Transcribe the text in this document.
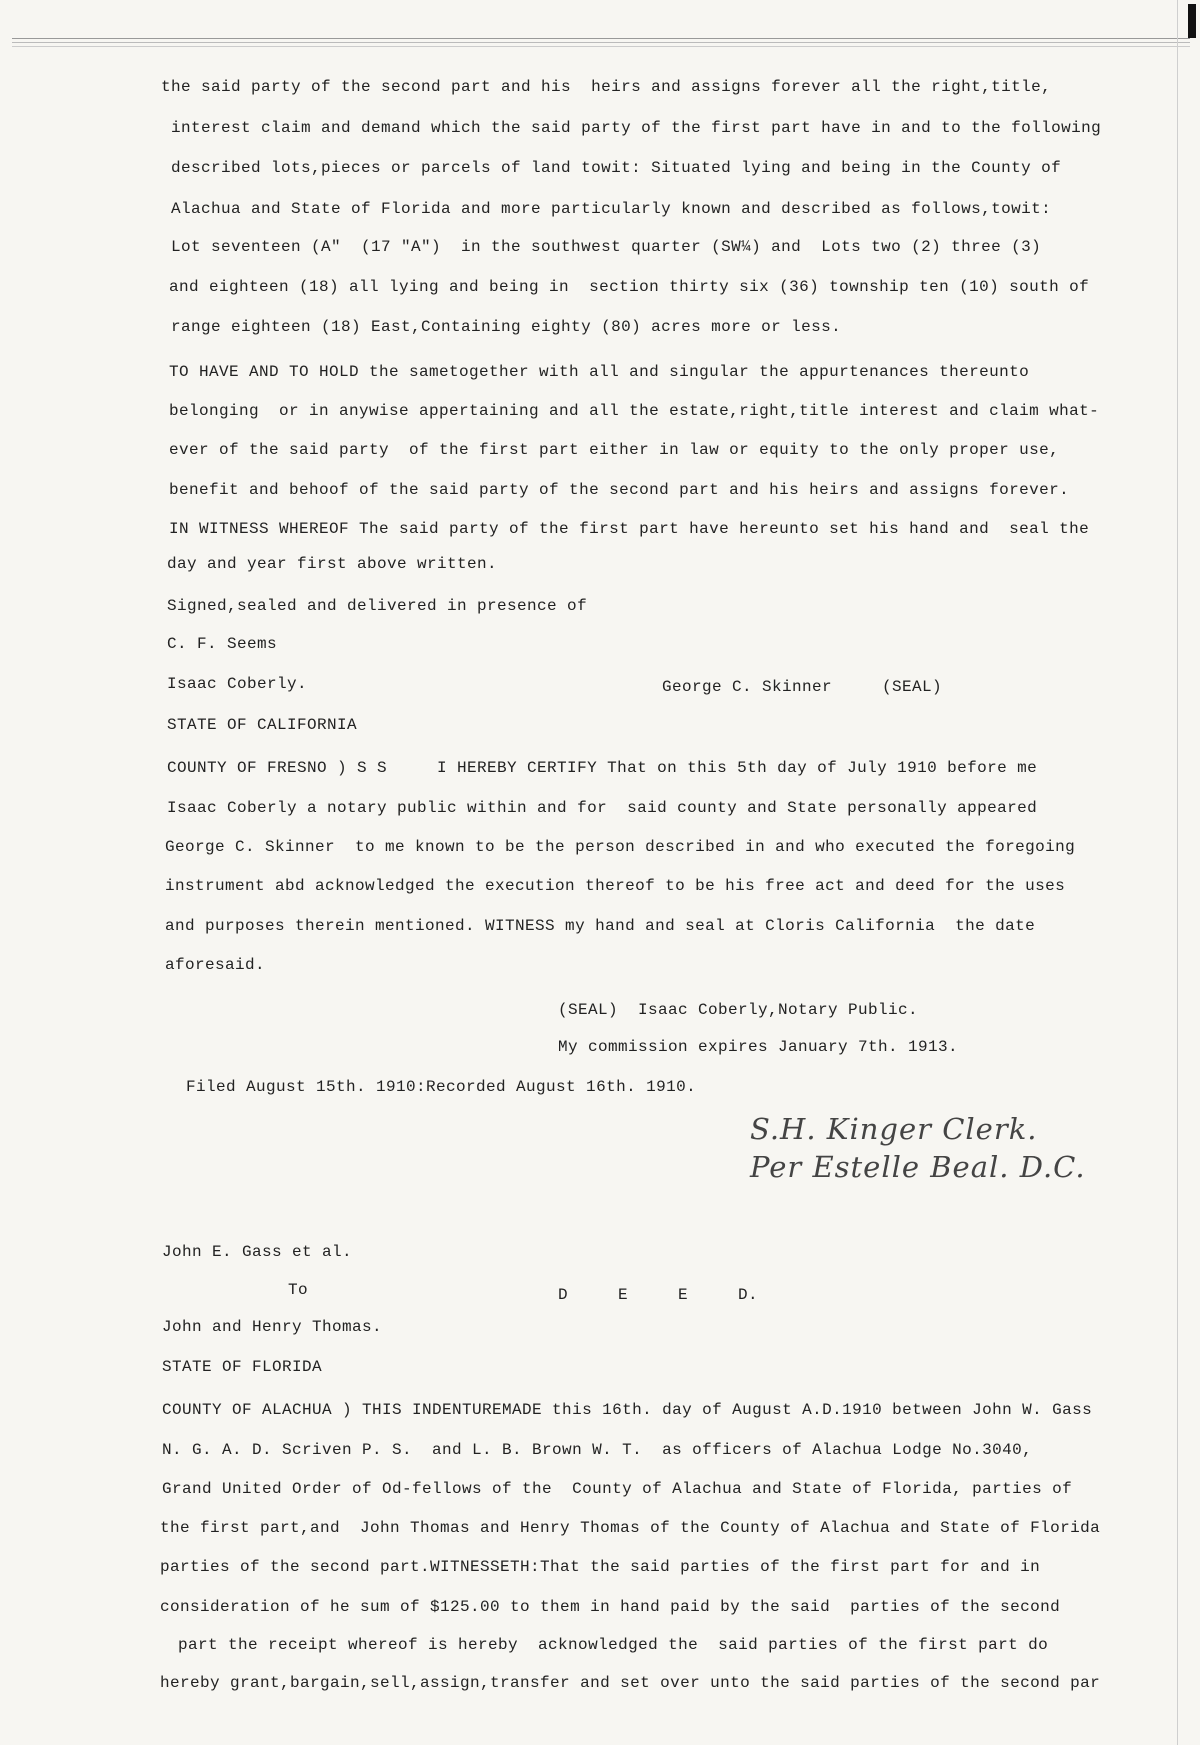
the said party of the second part and his  heirs and assigns forever all the right,title,
interest claim and demand which the said party of the first part have in and to the following
described lots,pieces or parcels of land towit: Situated lying and being in the County of
Alachua and State of Florida and more particularly known and described as follows,towit:
Lot seventeen (A"  (17 "A")  in the southwest quarter (SW¼) and  Lots two (2) three (3)
and eighteen (18) all lying and being in  section thirty six (36) township ten (10) south of
range eighteen (18) East,Containing eighty (80) acres more or less.
TO HAVE AND TO HOLD the sametogether with all and singular the appurtenances thereunto
belonging  or in anywise appertaining and all the estate,right,title interest and claim what-
ever of the said party  of the first part either in law or equity to the only proper use,
benefit and behoof of the said party of the second part and his heirs and assigns forever.
IN WITNESS WHEREOF The said party of the first part have hereunto set his hand and  seal the
day and year first above written.
Signed,sealed and delivered in presence of
C. F. Seems
Isaac Coberly.	George C. Skinner     (SEAL)
STATE OF CALIFORNIA
COUNTY OF FRESNO ) S S     I HEREBY CERTIFY That on this 5th day of July 1910 before me
Isaac Coberly a notary public within and for  said county and State personally appeared
George C. Skinner  to me known to be the person described in and who executed the foregoing
instrument abd acknowledged the execution thereof to be his free act and deed for the uses
and purposes therein mentioned. WITNESS my hand and seal at Cloris California  the date
aforesaid.
(SEAL)  Isaac Coberly,Notary Public.
My commission expires January 7th. 1913.
Filed August 15th. 1910:Recorded August 16th. 1910.
S.H. Kinger Clerk.
Per Estelle Beal. D.C.
John E. Gass et al.
To	D     E     E     D.
John and Henry Thomas.
STATE OF FLORIDA
COUNTY OF ALACHUA ) THIS INDENTUREMADE this 16th. day of August A.D.1910 between John W. Gass
N. G. A. D. Scriven P. S.  and L. B. Brown W. T.  as officers of Alachua Lodge No.3040,
Grand United Order of Od-fellows of the  County of Alachua and State of Florida, parties of
the first part,and  John Thomas and Henry Thomas of the County of Alachua and State of Florida
parties of the second part.WITNESSETH:That the said parties of the first part for and in
consideration of he sum of $125.00 to them in hand paid by the said  parties of the second
part the receipt whereof is hereby  acknowledged the  said parties of the first part do
hereby grant,bargain,sell,assign,transfer and set over unto the said parties of the second par
